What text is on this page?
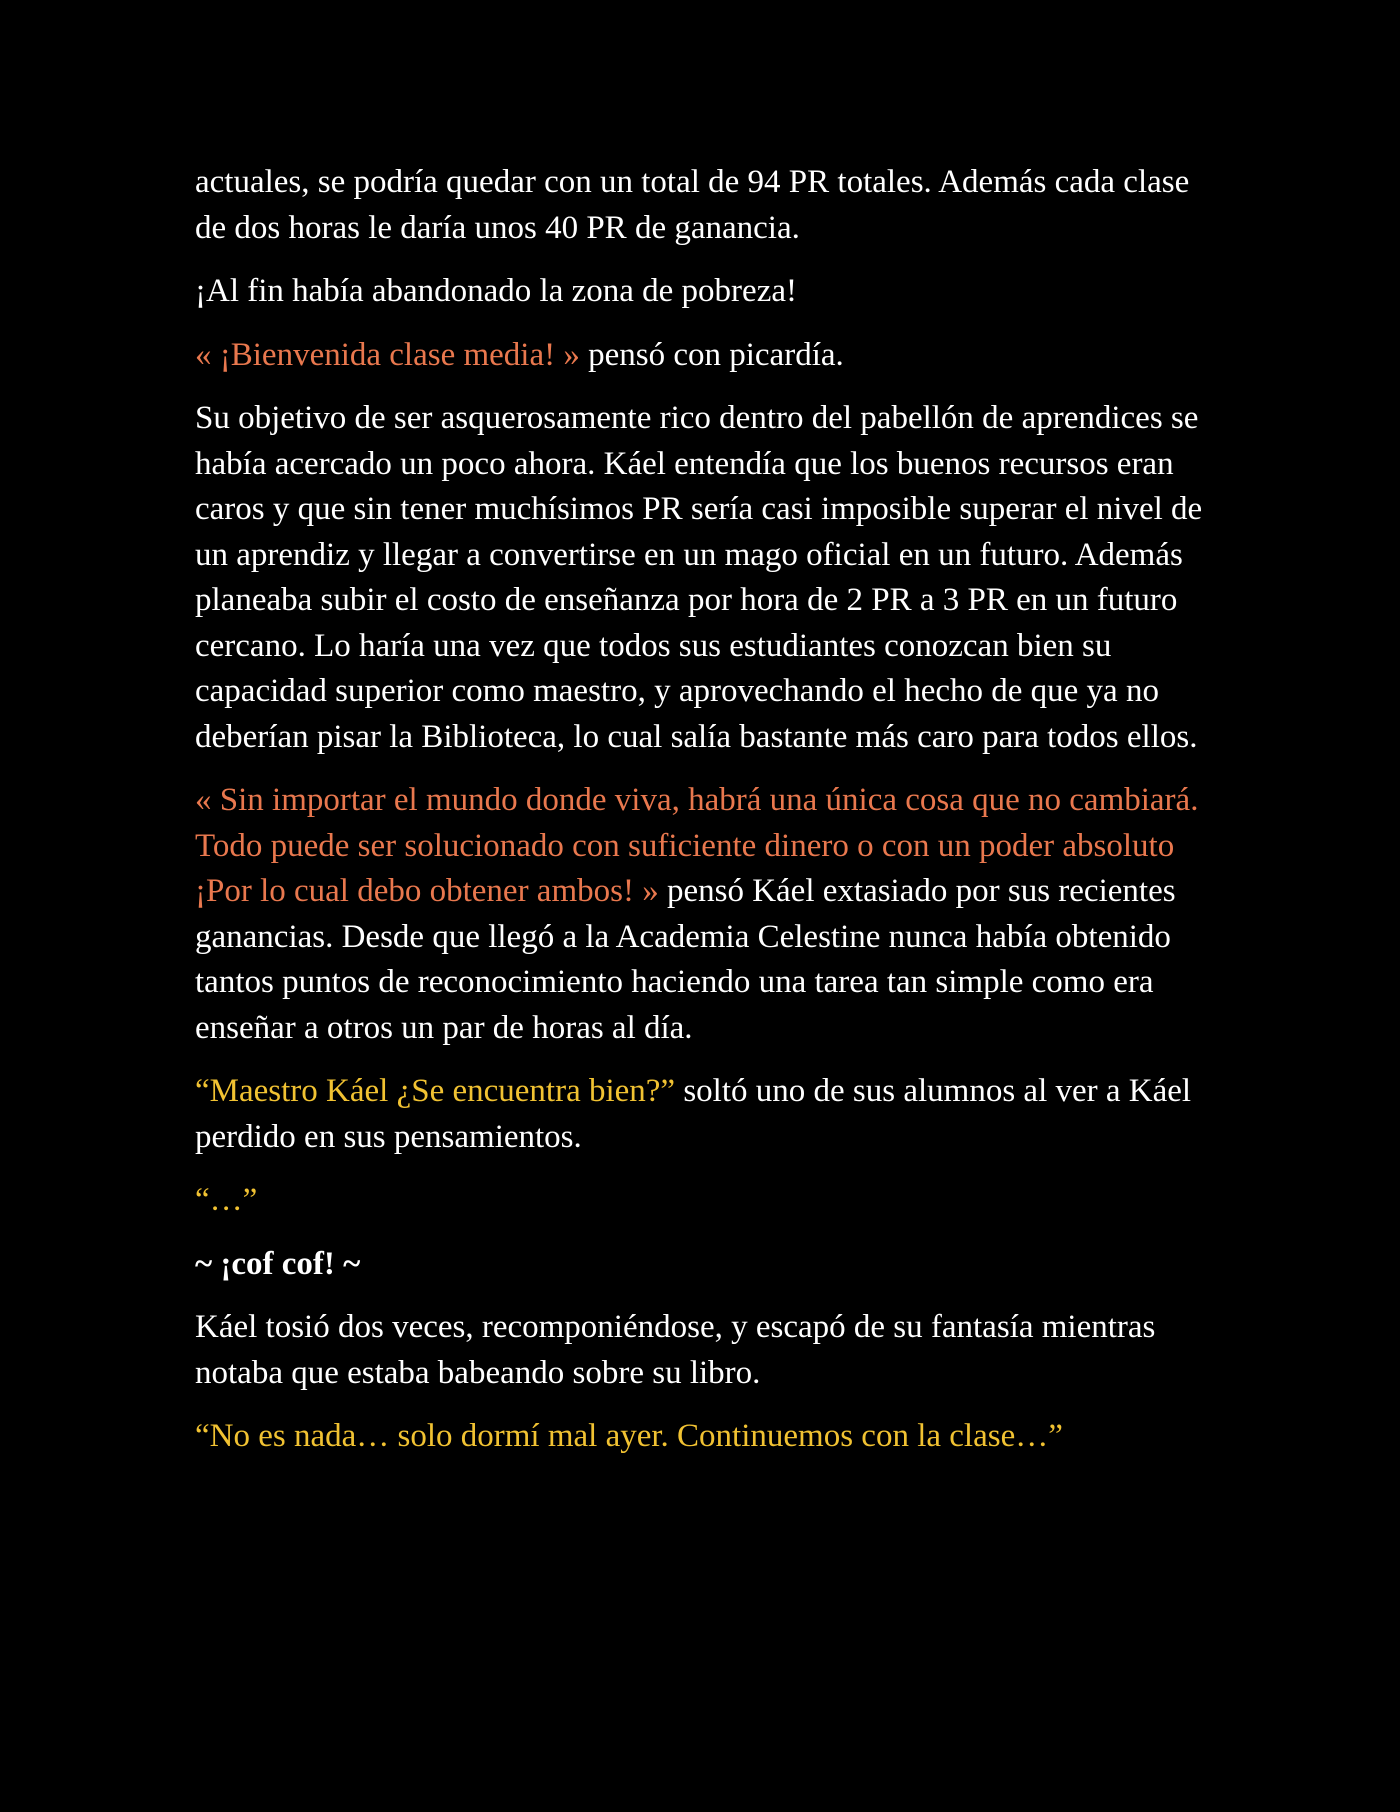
actuales, se podría quedar con un total de 94 PR totales. Además cada clase de dos horas le daría unos 40 PR de ganancia.

¡Al fin había abandonado la zona de pobreza!

« ¡Bienvenida clase media! » pensó con picardía.

Su objetivo de ser asquerosamente rico dentro del pabellón de aprendices se había acercado un poco ahora. Káel entendía que los buenos recursos eran caros y que sin tener muchísimos PR sería casi imposible superar el nivel de un aprendiz y llegar a convertirse en un mago oficial en un futuro. Además planeaba subir el costo de enseñanza por hora de 2 PR a 3 PR en un futuro cercano. Lo haría una vez que todos sus estudiantes conozcan bien su capacidad superior como maestro, y aprovechando el hecho de que ya no deberían pisar la Biblioteca, lo cual salía bastante más caro para todos ellos.

« Sin importar el mundo donde viva, habrá una única cosa que no cambiará. Todo puede ser solucionado con suficiente dinero o con un poder absoluto ¡Por lo cual debo obtener ambos! » pensó Káel extasiado por sus recientes ganancias. Desde que llegó a la Academia Celestine nunca había obtenido tantos puntos de reconocimiento haciendo una tarea tan simple como era enseñar a otros un par de horas al día.

“Maestro Káel ¿Se encuentra bien?” soltó uno de sus alumnos al ver a Káel perdido en sus pensamientos.

“…”

~ ¡cof cof! ~

Káel tosió dos veces, recomponiéndose, y escapó de su fantasía mientras notaba que estaba babeando sobre su libro.

“No es nada… solo dormí mal ayer. Continuemos con la clase…”
